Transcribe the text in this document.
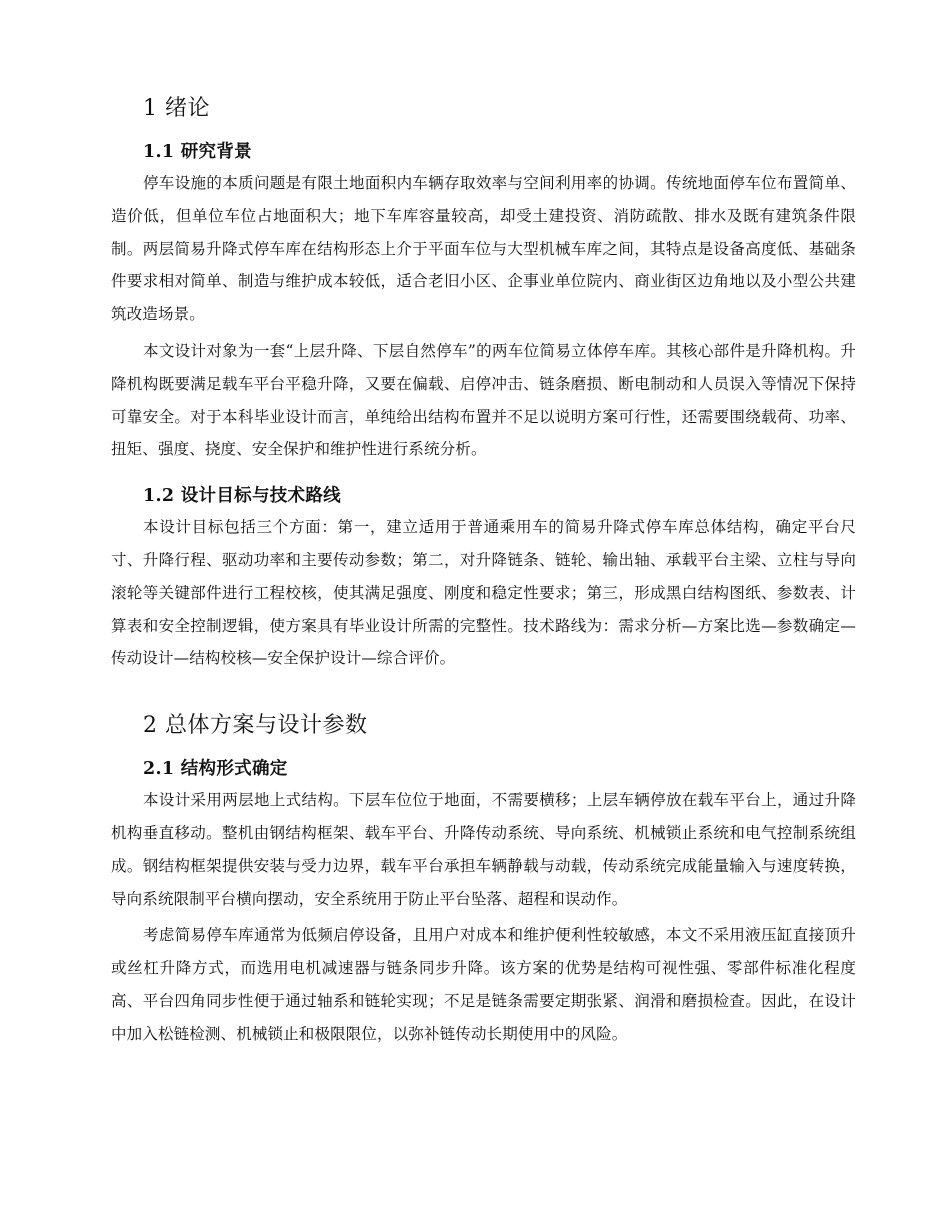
1 绪论
1.1 研究背景

停车设施的本质问题是有限土地面积内车辆存取效率与空间利用率的协调。传统地面停车位布置简单、造价低，但单位车位占地面积大；地下车库容量较高，却受土建投资、消防疏散、排水及既有建筑条件限制。两层简易升降式停车库在结构形态上介于平面车位与大型机械车库之间，其特点是设备高度低、基础条件要求相对简单、制造与维护成本较低，适合老旧小区、企事业单位院内、商业街区边角地以及小型公共建筑改造场景。

本文设计对象为一套“上层升降、下层自然停车”的两车位简易立体停车库。其核心部件是升降机构。升降机构既要满足载车平台平稳升降，又要在偏载、启停冲击、链条磨损、断电制动和人员误入等情况下保持可靠安全。对于本科毕业设计而言，单纯给出结构布置并不足以说明方案可行性，还需要围绕载荷、功率、扭矩、强度、挠度、安全保护和维护性进行系统分析。

1.2 设计目标与技术路线

本设计目标包括三个方面：第一，建立适用于普通乘用车的简易升降式停车库总体结构，确定平台尺寸、升降行程、驱动功率和主要传动参数；第二，对升降链条、链轮、输出轴、承载平台主梁、立柱与导向滚轮等关键部件进行工程校核，使其满足强度、刚度和稳定性要求；第三，形成黑白结构图纸、参数表、计算表和安全控制逻辑，使方案具有毕业设计所需的完整性。技术路线为：需求分析—方案比选—参数确定—传动设计—结构校核—安全保护设计—综合评价。

2 总体方案与设计参数
2.1 结构形式确定

本设计采用两层地上式结构。下层车位位于地面，不需要横移；上层车辆停放在载车平台上，通过升降机构垂直移动。整机由钢结构框架、载车平台、升降传动系统、导向系统、机械锁止系统和电气控制系统组成。钢结构框架提供安装与受力边界，载车平台承担车辆静载与动载，传动系统完成能量输入与速度转换，导向系统限制平台横向摆动，安全系统用于防止平台坠落、超程和误动作。

考虑简易停车库通常为低频启停设备，且用户对成本和维护便利性较敏感，本文不采用液压缸直接顶升或丝杠升降方式，而选用电机减速器与链条同步升降。该方案的优势是结构可视性强、零部件标准化程度高、平台四角同步性便于通过轴系和链轮实现；不足是链条需要定期张紧、润滑和磨损检查。因此，在设计中加入松链检测、机械锁止和极限限位，以弥补链传动长期使用中的风险。
